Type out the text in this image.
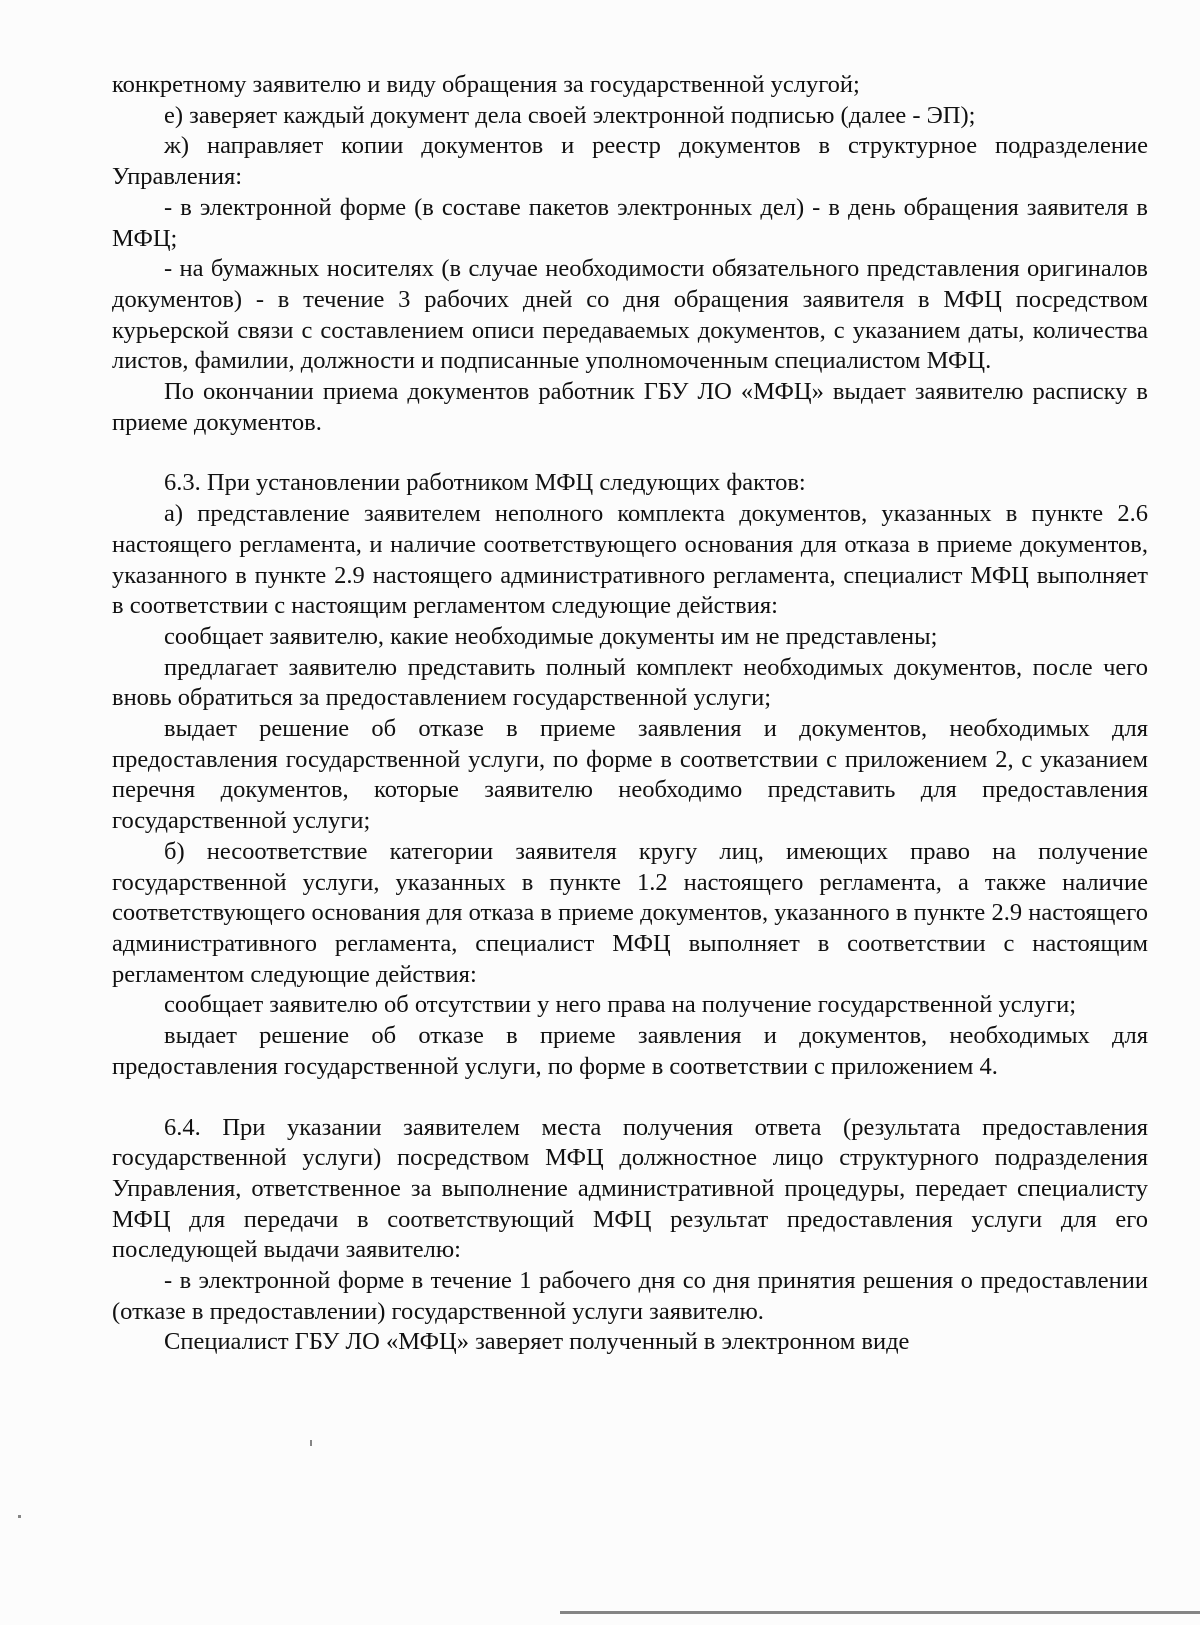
конкретному заявителю и виду обращения за государственной услугой;

е) заверяет каждый документ дела своей электронной подписью (далее - ЭП);

ж) направляет копии документов и реестр документов в структурное подразделение Управления:

- в электронной форме (в составе пакетов электронных дел) - в день обращения заявителя в МФЦ;

- на бумажных носителях (в случае необходимости обязательного представления оригиналов документов) - в течение 3 рабочих дней со дня обращения заявителя в МФЦ посредством курьерской связи с составлением описи передаваемых документов, с указанием даты, количества листов, фамилии, должности и подписанные уполномоченным специалистом МФЦ.

По окончании приема документов работник ГБУ ЛО «МФЦ» выдает заявителю расписку в приеме документов.

6.3. При установлении работником МФЦ следующих фактов:

а) представление заявителем неполного комплекта документов, указанных в пункте 2.6 настоящего регламента, и наличие соответствующего основания для отказа в приеме документов, указанного в пункте 2.9 настоящего административного регламента, специалист МФЦ выполняет в соответствии с настоящим регламентом следующие действия:

сообщает заявителю, какие необходимые документы им не представлены;

предлагает заявителю представить полный комплект необходимых документов, после чего вновь обратиться за предоставлением государственной услуги;

выдает решение об отказе в приеме заявления и документов, необходимых для предоставления государственной услуги, по форме в соответствии с приложением 2, с указанием перечня документов, которые заявителю необходимо представить для предоставления государственной услуги;

б) несоответствие категории заявителя кругу лиц, имеющих право на получение государственной услуги, указанных в пункте 1.2 настоящего регламента, а также наличие соответствующего основания для отказа в приеме документов, указанного в пункте 2.9 настоящего административного регламента, специалист МФЦ выполняет в соответствии с настоящим регламентом следующие действия:

сообщает заявителю об отсутствии у него права на получение государственной услуги;

выдает решение об отказе в приеме заявления и документов, необходимых для предоставления государственной услуги, по форме в соответствии с приложением 4.

6.4. При указании заявителем места получения ответа (результата предоставления государственной услуги) посредством МФЦ должностное лицо структурного подразделения Управления, ответственное за выполнение административной процедуры, передает специалисту МФЦ для передачи в соответствующий МФЦ результат предоставления услуги для его последующей выдачи заявителю:

- в электронной форме в течение 1 рабочего дня со дня принятия решения о предоставлении (отказе в предоставлении) государственной услуги заявителю.

Специалист ГБУ ЛО «МФЦ» заверяет полученный в электронном виде
